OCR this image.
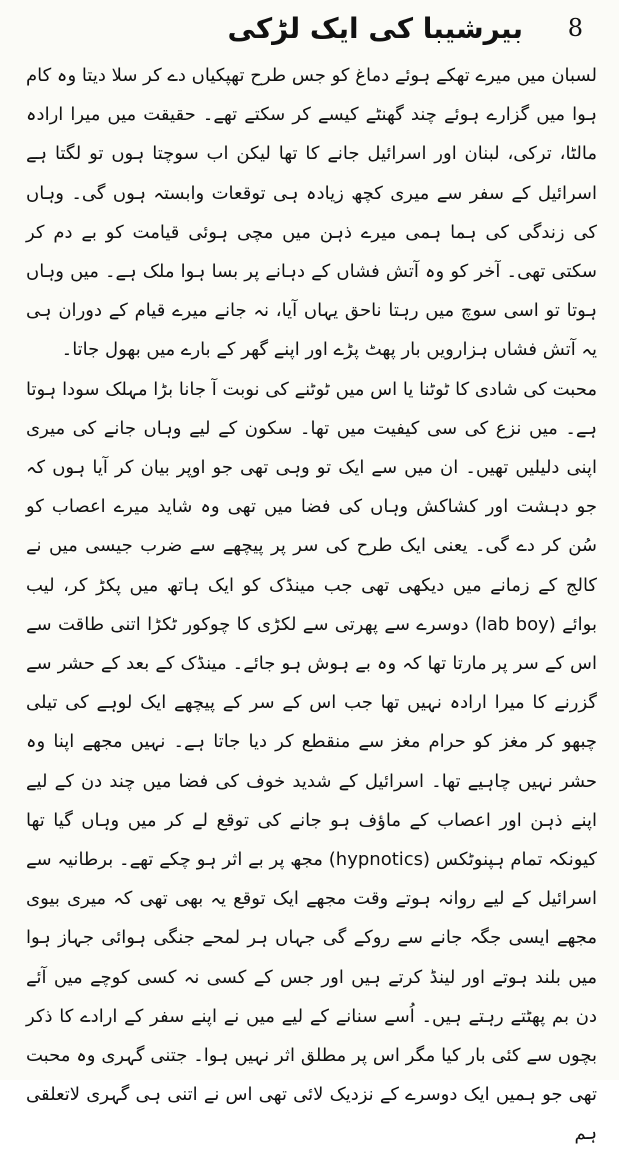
8
بیرشیبا کی ایک لڑکی

لسبان میں میرے تھکے ہوئے دماغ کو جس طرح تھپکیاں دے کر سلا دیتا وہ کام ہوا میں گزارے ہوئے چند گھنٹے کیسے کر سکتے تھے۔ حقیقت میں میرا ارادہ مالٹا، ترکی، لبنان اور اسرائیل جانے کا تھا لیکن اب سوچتا ہوں تو لگتا ہے اسرائیل کے سفر سے میری کچھ زیادہ ہی توقعات وابستہ ہوں گی۔ وہاں کی زندگی کی ہما ہمی میرے ذہن میں مچی ہوئی قیامت کو بے دم کر سکتی تھی۔ آخر کو وہ آتش فشاں کے دہانے پر بسا ہوا ملک ہے۔ میں وہاں ہوتا تو اسی سوچ میں رہتا ناحق یہاں آیا، نہ جانے میرے قیام کے دوران ہی یہ آتش فشاں ہزارویں بار پھٹ پڑے اور اپنے گھر کے بارے میں بھول جاتا۔

محبت کی شادی کا ٹوٹنا یا اس میں ٹوٹنے کی نوبت آ جانا بڑا مہلک سودا ہوتا ہے۔ میں نزع کی سی کیفیت میں تھا۔ سکون کے لیے وہاں جانے کی میری اپنی دلیلیں تھیں۔ ان میں سے ایک تو وہی تھی جو اوپر بیان کر آیا ہوں کہ جو دہشت اور کشاکش وہاں کی فضا میں تھی وہ شاید میرے اعصاب کو سُن کر دے گی۔ یعنی ایک طرح کی سر پر پیچھے سے ضرب جیسی میں نے کالج کے زمانے میں دیکھی تھی جب مینڈک کو ایک ہاتھ میں پکڑ کر، لیب بوائے (lab boy) دوسرے سے پھرتی سے لکڑی کا چوکور ٹکڑا اتنی طاقت سے اس کے سر پر مارتا تھا کہ وہ بے ہوش ہو جائے۔ مینڈک کے بعد کے حشر سے گزرنے کا میرا ارادہ نہیں تھا جب اس کے سر کے پیچھے ایک لوہے کی تیلی چبھو کر مغز کو حرام مغز سے منقطع کر دیا جاتا ہے۔ نہیں مجھے اپنا وہ حشر نہیں چاہیے تھا۔ اسرائیل کے شدید خوف کی فضا میں چند دن کے لیے اپنے ذہن اور اعصاب کے ماؤف ہو جانے کی توقع لے کر میں وہاں گیا تھا کیونکہ تمام ہپنوٹکس (hypnotics) مجھ پر بے اثر ہو چکے تھے۔ برطانیہ سے اسرائیل کے لیے روانہ ہوتے وقت مجھے ایک توقع یہ بھی تھی کہ میری بیوی مجھے ایسی جگہ جانے سے روکے گی جہاں ہر لمحے جنگی ہوائی جہاز ہوا میں بلند ہوتے اور لینڈ کرتے ہیں اور جس کے کسی نہ کسی کوچے میں آئے دن بم پھٹتے رہتے ہیں۔ اُسے سنانے کے لیے میں نے اپنے سفر کے ارادے کا ذکر بچوں سے کئی بار کیا مگر اس پر مطلق اثر نہیں ہوا۔ جتنی گہری وہ محبت تھی جو ہمیں ایک دوسرے کے نزدیک لائی تھی اس نے اتنی ہی گہری لاتعلقی ہم
